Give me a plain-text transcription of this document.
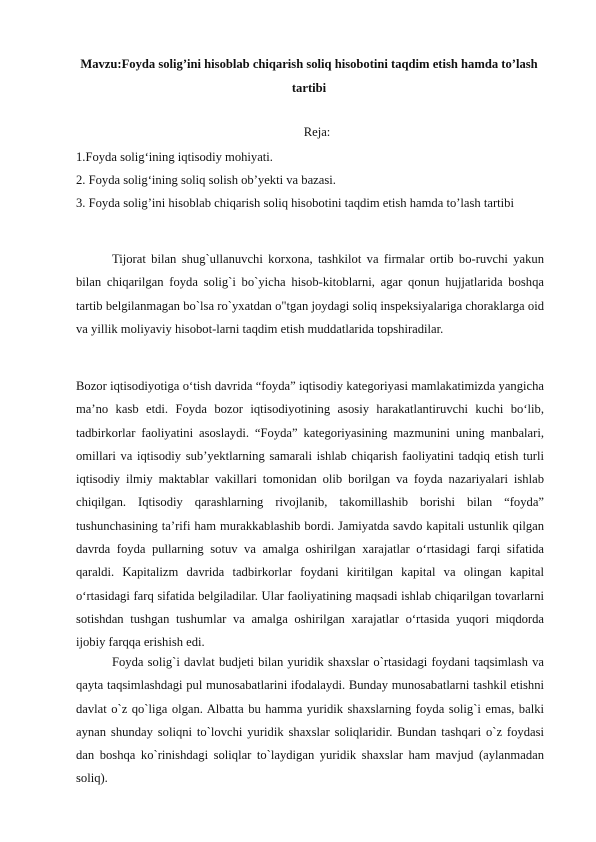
Mavzu:Foyda solig’ini hisoblab chiqarish soliq hisobotini taqdim etish hamda to’lash tartibi
Reja:
1.Foyda solig‘ining iqtisodiy mohiyati.
2. Foyda solig‘ining soliq solish ob’yekti va bazasi.
3. Foyda solig’ini hisoblab chiqarish soliq hisobotini taqdim etish hamda to’lash tartibi

Tijorat bilan shug`ullanuvchi korxona, tashkilot va firmalar ortib bo-ruvchi yakun bilan chiqarilgan foyda solig`i bo`yicha hisob-kitoblarni, agar qonun hujjatlarida boshqa tartib belgilanmagan bo`lsa ro`yxatdan o"tgan joydagi soliq inspeksiyalariga choraklarga oid va yillik moliyaviy hisobot-larni taqdim etish muddatlarida topshiradilar.

Bozor iqtisodiyotiga o‘tish davrida “foyda” iqtisodiy kategoriyasi mamlakatimizda yangicha ma’no kasb etdi. Foyda bozor iqtisodiyotining asosiy harakatlantiruvchi kuchi bo‘lib, tadbirkorlar faoliyatini asoslaydi. “Foyda” kategoriyasining mazmunini uning manbalari, omillari va iqtisodiy sub’yektlarning samarali ishlab chiqarish faoliyatini tadqiq etish turli iqtisodiy ilmiy maktablar vakillari tomonidan olib borilgan va foyda nazariyalari ishlab chiqilgan. Iqtisodiy qarashlarning rivojlanib, takomillashib borishi bilan “foyda” tushunchasining ta’rifi ham murakkablashib bordi. Jamiyatda savdo kapitali ustunlik qilgan davrda foyda pullarning sotuv va amalga oshirilgan xarajatlar o‘rtasidagi farqi sifatida qaraldi. Kapitalizm davrida tadbirkorlar foydani kiritilgan kapital va olingan kapital o‘rtasidagi farq sifatida belgiladilar. Ular faoliyatining maqsadi ishlab chiqarilgan tovarlarni sotishdan tushgan tushumlar va amalga oshirilgan xarajatlar o‘rtasida yuqori miqdorda ijobiy farqqa erishish edi.

Foyda solig`i davlat budjeti bilan yuridik shaxslar o`rtasidagi foydani taqsimlash va qayta taqsimlashdagi pul munosabatlarini ifodalaydi. Bunday munosabatlarni tashkil etishni davlat o`z qo`liga olgan. Albatta bu hamma yuridik shaxslarning foyda solig`i emas, balki aynan shunday soliqni to`lovchi yuridik shaxslar soliqlaridir. Bundan tashqari o`z foydasi dan boshqa ko`rinishdagi soliqlar to`laydigan yuridik shaxslar ham mavjud (aylanmadan soliq).
